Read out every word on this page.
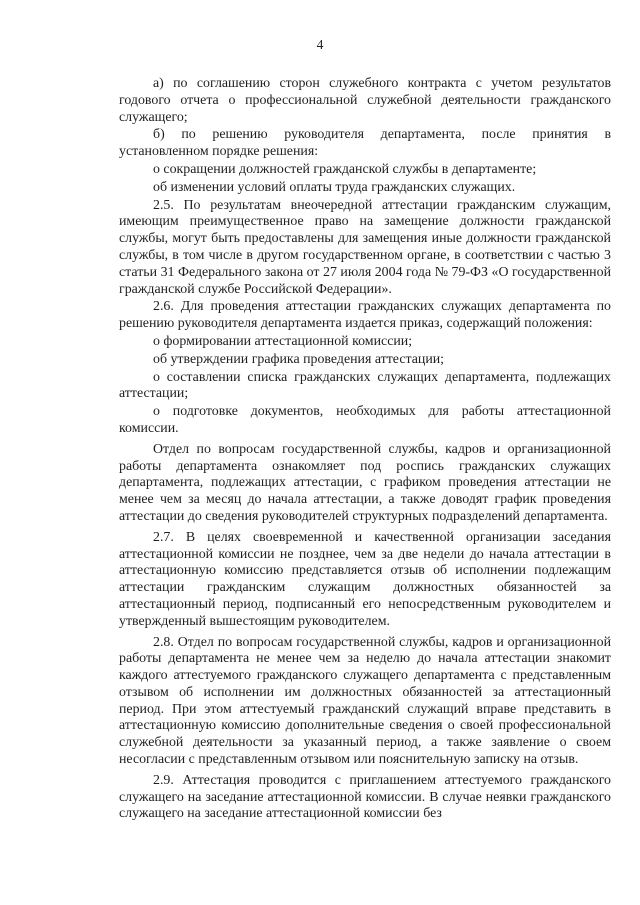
4

а) по соглашению сторон служебного контракта с учетом результатов годового отчета о профессиональной служебной деятельности гражданского служащего;

б) по решению руководителя департамента, после принятия в установленном порядке решения:

о сокращении должностей гражданской службы в департаменте;

об изменении условий оплаты труда гражданских служащих.

2.5. По результатам внеочередной аттестации гражданским служащим, имеющим преимущественное право на замещение должности гражданской службы, могут быть предоставлены для замещения иные должности гражданской службы, в том числе в другом государственном органе, в соответствии с частью 3 статьи 31 Федерального закона от 27 июля 2004 года № 79-ФЗ «О государственной гражданской службе Российской Федерации».

2.6. Для проведения аттестации гражданских служащих департамента по решению руководителя департамента издается приказ, содержащий положения:

о формировании аттестационной комиссии;

об утверждении графика проведения аттестации;

о составлении списка гражданских служащих департамента, подлежащих аттестации;

о подготовке документов, необходимых для работы аттестационной комиссии.

Отдел по вопросам государственной службы, кадров и организационной работы департамента ознакомляет под роспись гражданских служащих департамента, подлежащих аттестации, с графиком проведения аттестации не менее чем за месяц до начала аттестации, а также доводят график проведения аттестации до сведения руководителей структурных подразделений департамента.

2.7. В целях своевременной и качественной организации заседания аттестационной комиссии не позднее, чем за две недели до начала аттестации в аттестационную комиссию представляется отзыв об исполнении подлежащим аттестации гражданским служащим должностных обязанностей за аттестационный период, подписанный его непосредственным руководителем и утвержденный вышестоящим руководителем.

2.8. Отдел по вопросам государственной службы, кадров и организационной работы департамента не менее чем за неделю до начала аттестации знакомит каждого аттестуемого гражданского служащего департамента с представленным отзывом об исполнении им должностных обязанностей за аттестационный период. При этом аттестуемый гражданский служащий вправе представить в аттестационную комиссию дополнительные сведения о своей профессиональной служебной деятельности за указанный период, а также заявление о своем несогласии с представленным отзывом или пояснительную записку на отзыв.

2.9. Аттестация проводится с приглашением аттестуемого гражданского служащего на заседание аттестационной комиссии. В случае неявки гражданского служащего на заседание аттестационной комиссии без
